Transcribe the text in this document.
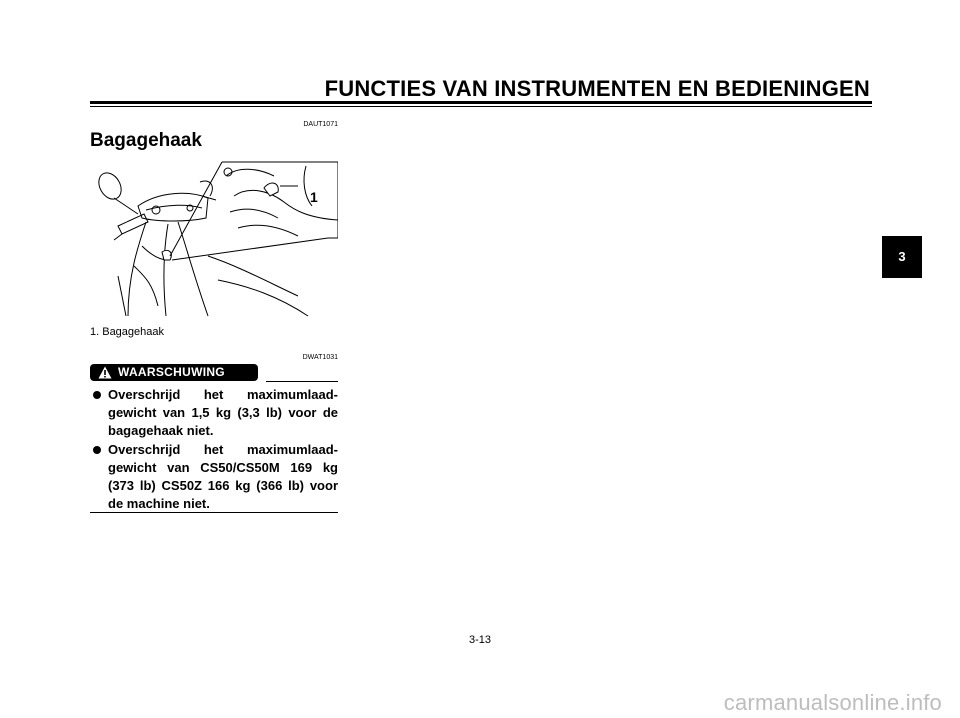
FUNCTIES VAN INSTRUMENTEN EN BEDIENINGEN
DAUT1071
Bagagehaak
1
1. Bagagehaak
DWAT1031
WAARSCHUWING
Overschrijd het maximumlaad-gewicht van 1,5 kg (3,3 lb) voor de bagagehaak niet.
Overschrijd het maximumlaad-gewicht van CS50/CS50M 169 kg (373 lb) CS50Z 166 kg (366 lb) voor de machine niet.
3
3-13
carmanualsonline.info
